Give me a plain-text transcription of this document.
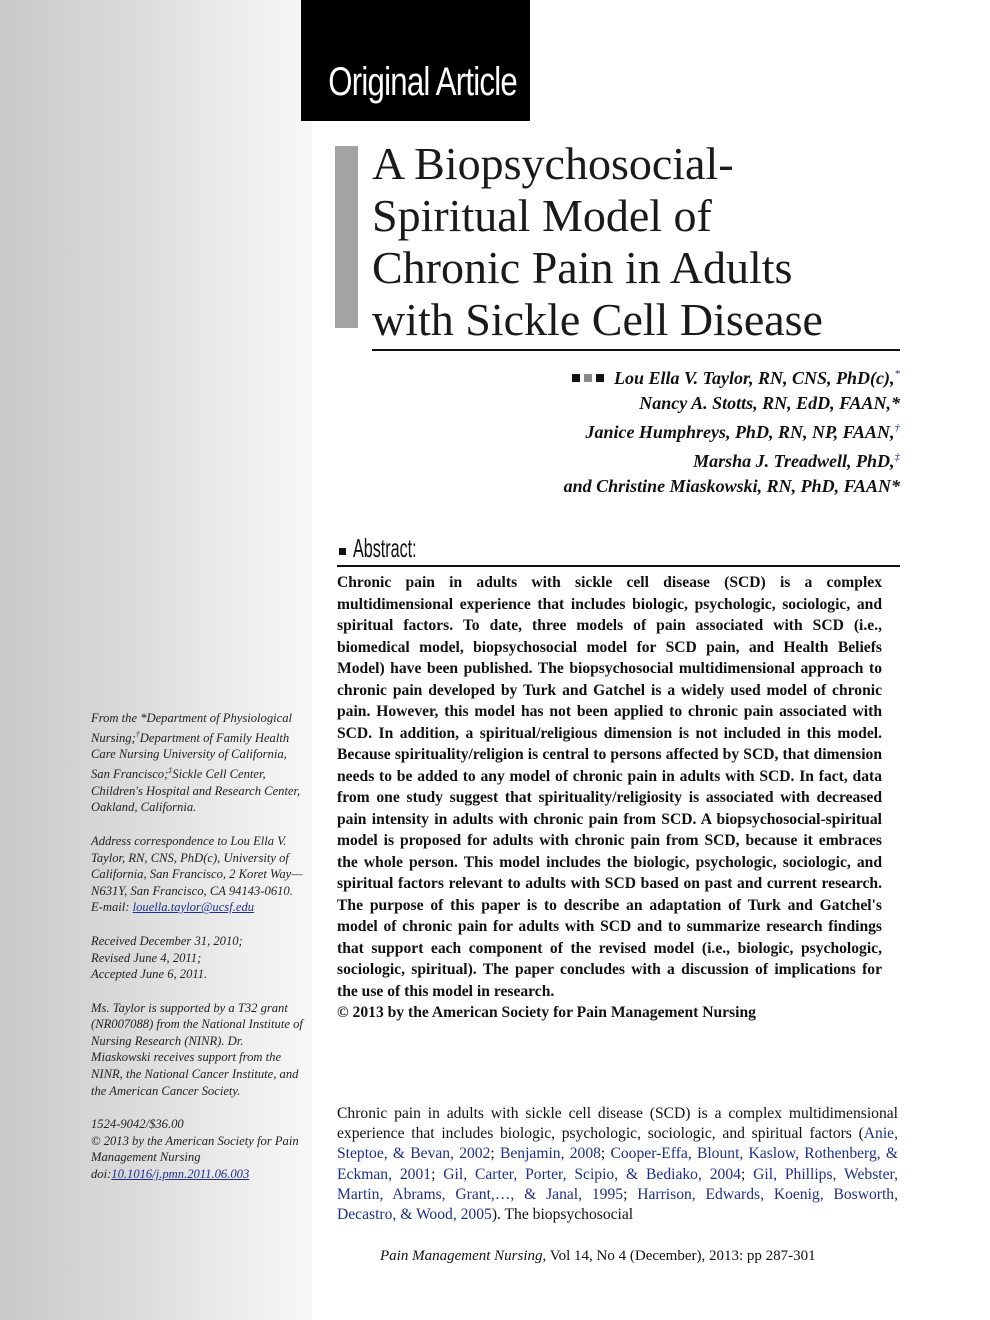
Original Article
A Biopsychosocial-
Spiritual Model of
Chronic Pain in Adults
with Sickle Cell Disease
Lou Ella V. Taylor, RN, CNS, PhD(c),*
Nancy A. Stotts, RN, EdD, FAAN,*
Janice Humphreys, PhD, RN, NP, FAAN,†
Marsha J. Treadwell, PhD,‡
and Christine Miaskowski, RN, PhD, FAAN*
Abstract:
Chronic pain in adults with sickle cell disease (SCD) is a complex multidimensional experience that includes biologic, psychologic, sociologic, and spiritual factors. To date, three models of pain associated with SCD (i.e., biomedical model, biopsychosocial model for SCD pain, and Health Beliefs Model) have been published. The biopsychosocial multidimensional approach to chronic pain developed by Turk and Gatchel is a widely used model of chronic pain. However, this model has not been applied to chronic pain associated with SCD. In addition, a spiritual/religious dimension is not included in this model. Because spirituality/religion is central to persons affected by SCD, that dimension needs to be added to any model of chronic pain in adults with SCD. In fact, data from one study suggest that spirituality/religiosity is associated with decreased pain intensity in adults with chronic pain from SCD. A biopsychosocial-spiritual model is proposed for adults with chronic pain from SCD, because it embraces the whole person. This model includes the biologic, psychologic, sociologic, and spiritual factors relevant to adults with SCD based on past and current research. The purpose of this paper is to describe an adaptation of Turk and Gatchel's model of chronic pain for adults with SCD and to summarize research findings that support each component of the revised model (i.e., biologic, psychologic, sociologic, spiritual). The paper concludes with a discussion of implications for the use of this model in research.
© 2013 by the American Society for Pain Management Nursing
Chronic pain in adults with sickle cell disease (SCD) is a complex multidimensional experience that includes biologic, psychologic, sociologic, and spiritual factors (Anie, Steptoe, & Bevan, 2002; Benjamin, 2008; Cooper-Effa, Blount, Kaslow, Rothenberg, & Eckman, 2001; Gil, Carter, Porter, Scipio, & Bediako, 2004; Gil, Phillips, Webster, Martin, Abrams, Grant,…, & Janal, 1995; Harrison, Edwards, Koenig, Bosworth, Decastro, & Wood, 2005). The biopsychosocial
Pain Management Nursing, Vol 14, No 4 (December), 2013: pp 287-301

From the *Department of Physiological Nursing;†Department of Family Health Care Nursing University of California, San Francisco;‡Sickle Cell Center, Children's Hospital and Research Center, Oakland, California.

Address correspondence to Lou Ella V. Taylor, RN, CNS, PhD(c), University of California, San Francisco, 2 Koret Way—N631Y, San Francisco, CA 94143-0610. E-mail: louella.taylor@ucsf.edu

Received December 31, 2010;
Revised June 4, 2011;
Accepted June 6, 2011.

Ms. Taylor is supported by a T32 grant (NR007088) from the National Institute of Nursing Research (NINR). Dr. Miaskowski receives support from the NINR, the National Cancer Institute, and the American Cancer Society.

1524-9042/$36.00
© 2013 by the American Society for Pain Management Nursing
doi:10.1016/j.pmn.2011.06.003
